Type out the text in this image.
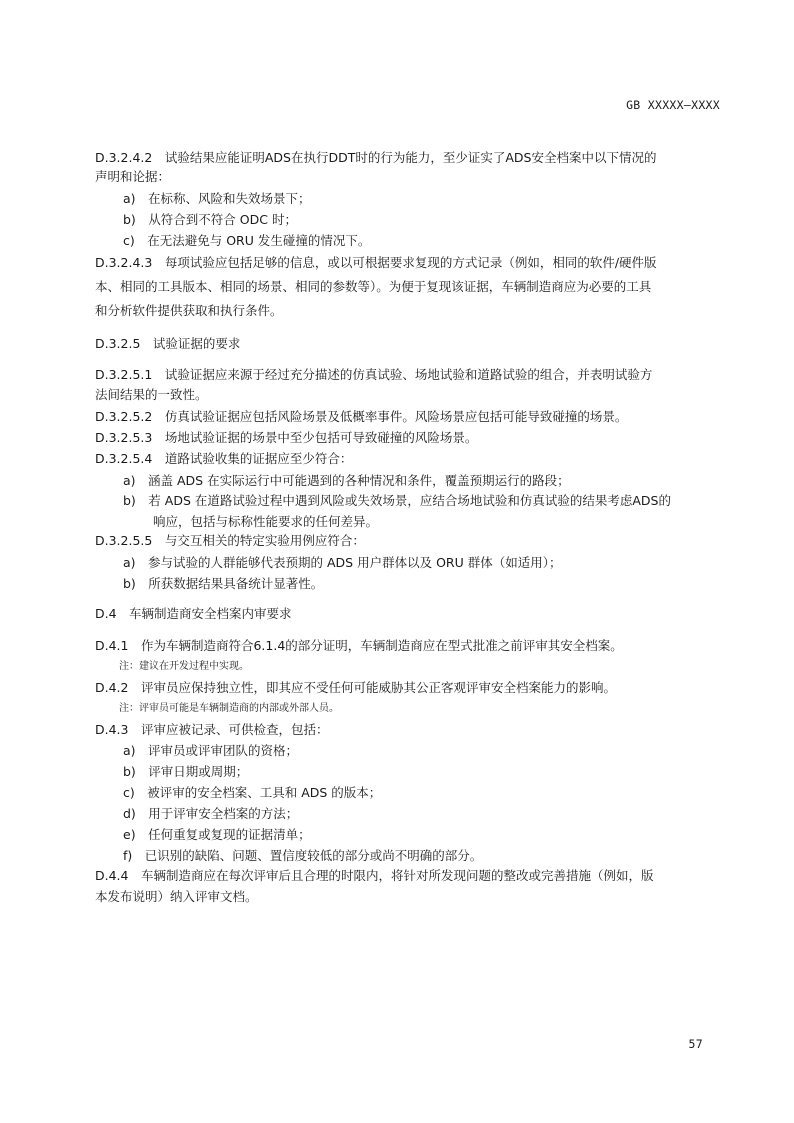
GB XXXXX—XXXX
D.3.2.4.2　试验结果应能证明ADS在执行DDT时的行为能力，至少证实了ADS安全档案中以下情况的
声明和论据：
a)　在标称、风险和失效场景下；
b)　从符合到不符合 ODC 时；
c)　在无法避免与 ORU 发生碰撞的情况下。
D.3.2.4.3　每项试验应包括足够的信息，或以可根据要求复现的方式记录（例如，相同的软件/硬件版
本、相同的工具版本、相同的场景、相同的参数等）。为便于复现该证据，车辆制造商应为必要的工具
和分析软件提供获取和执行条件。
D.3.2.5　试验证据的要求
D.3.2.5.1　试验证据应来源于经过充分描述的仿真试验、场地试验和道路试验的组合，并表明试验方
法间结果的一致性。
D.3.2.5.2　仿真试验证据应包括风险场景及低概率事件。风险场景应包括可能导致碰撞的场景。
D.3.2.5.3　场地试验证据的场景中至少包括可导致碰撞的风险场景。
D.3.2.5.4　道路试验收集的证据应至少符合：
a)　涵盖 ADS 在实际运行中可能遇到的各种情况和条件，覆盖预期运行的路段；
b)　若 ADS 在道路试验过程中遇到风险或失效场景，应结合场地试验和仿真试验的结果考虑ADS的
响应，包括与标称性能要求的任何差异。
D.3.2.5.5　与交互相关的特定实验用例应符合：
a)　参与试验的人群能够代表预期的 ADS 用户群体以及 ORU 群体（如适用）；
b)　所获数据结果具备统计显著性。
D.4　车辆制造商安全档案内审要求
D.4.1　作为车辆制造商符合6.1.4的部分证明，车辆制造商应在型式批准之前评审其安全档案。
注：建议在开发过程中实现。
D.4.2　评审员应保持独立性，即其应不受任何可能威胁其公正客观评审安全档案能力的影响。
注：评审员可能是车辆制造商的内部或外部人员。
D.4.3　评审应被记录、可供检查，包括：
a)　评审员或评审团队的资格；
b)　评审日期或周期；
c)　被评审的安全档案、工具和 ADS 的版本；
d)　用于评审安全档案的方法；
e)　任何重复或复现的证据清单；
f)　已识别的缺陷、问题、置信度较低的部分或尚不明确的部分。
D.4.4　车辆制造商应在每次评审后且合理的时限内，将针对所发现问题的整改或完善措施（例如，版
本发布说明）纳入评审文档。
57
